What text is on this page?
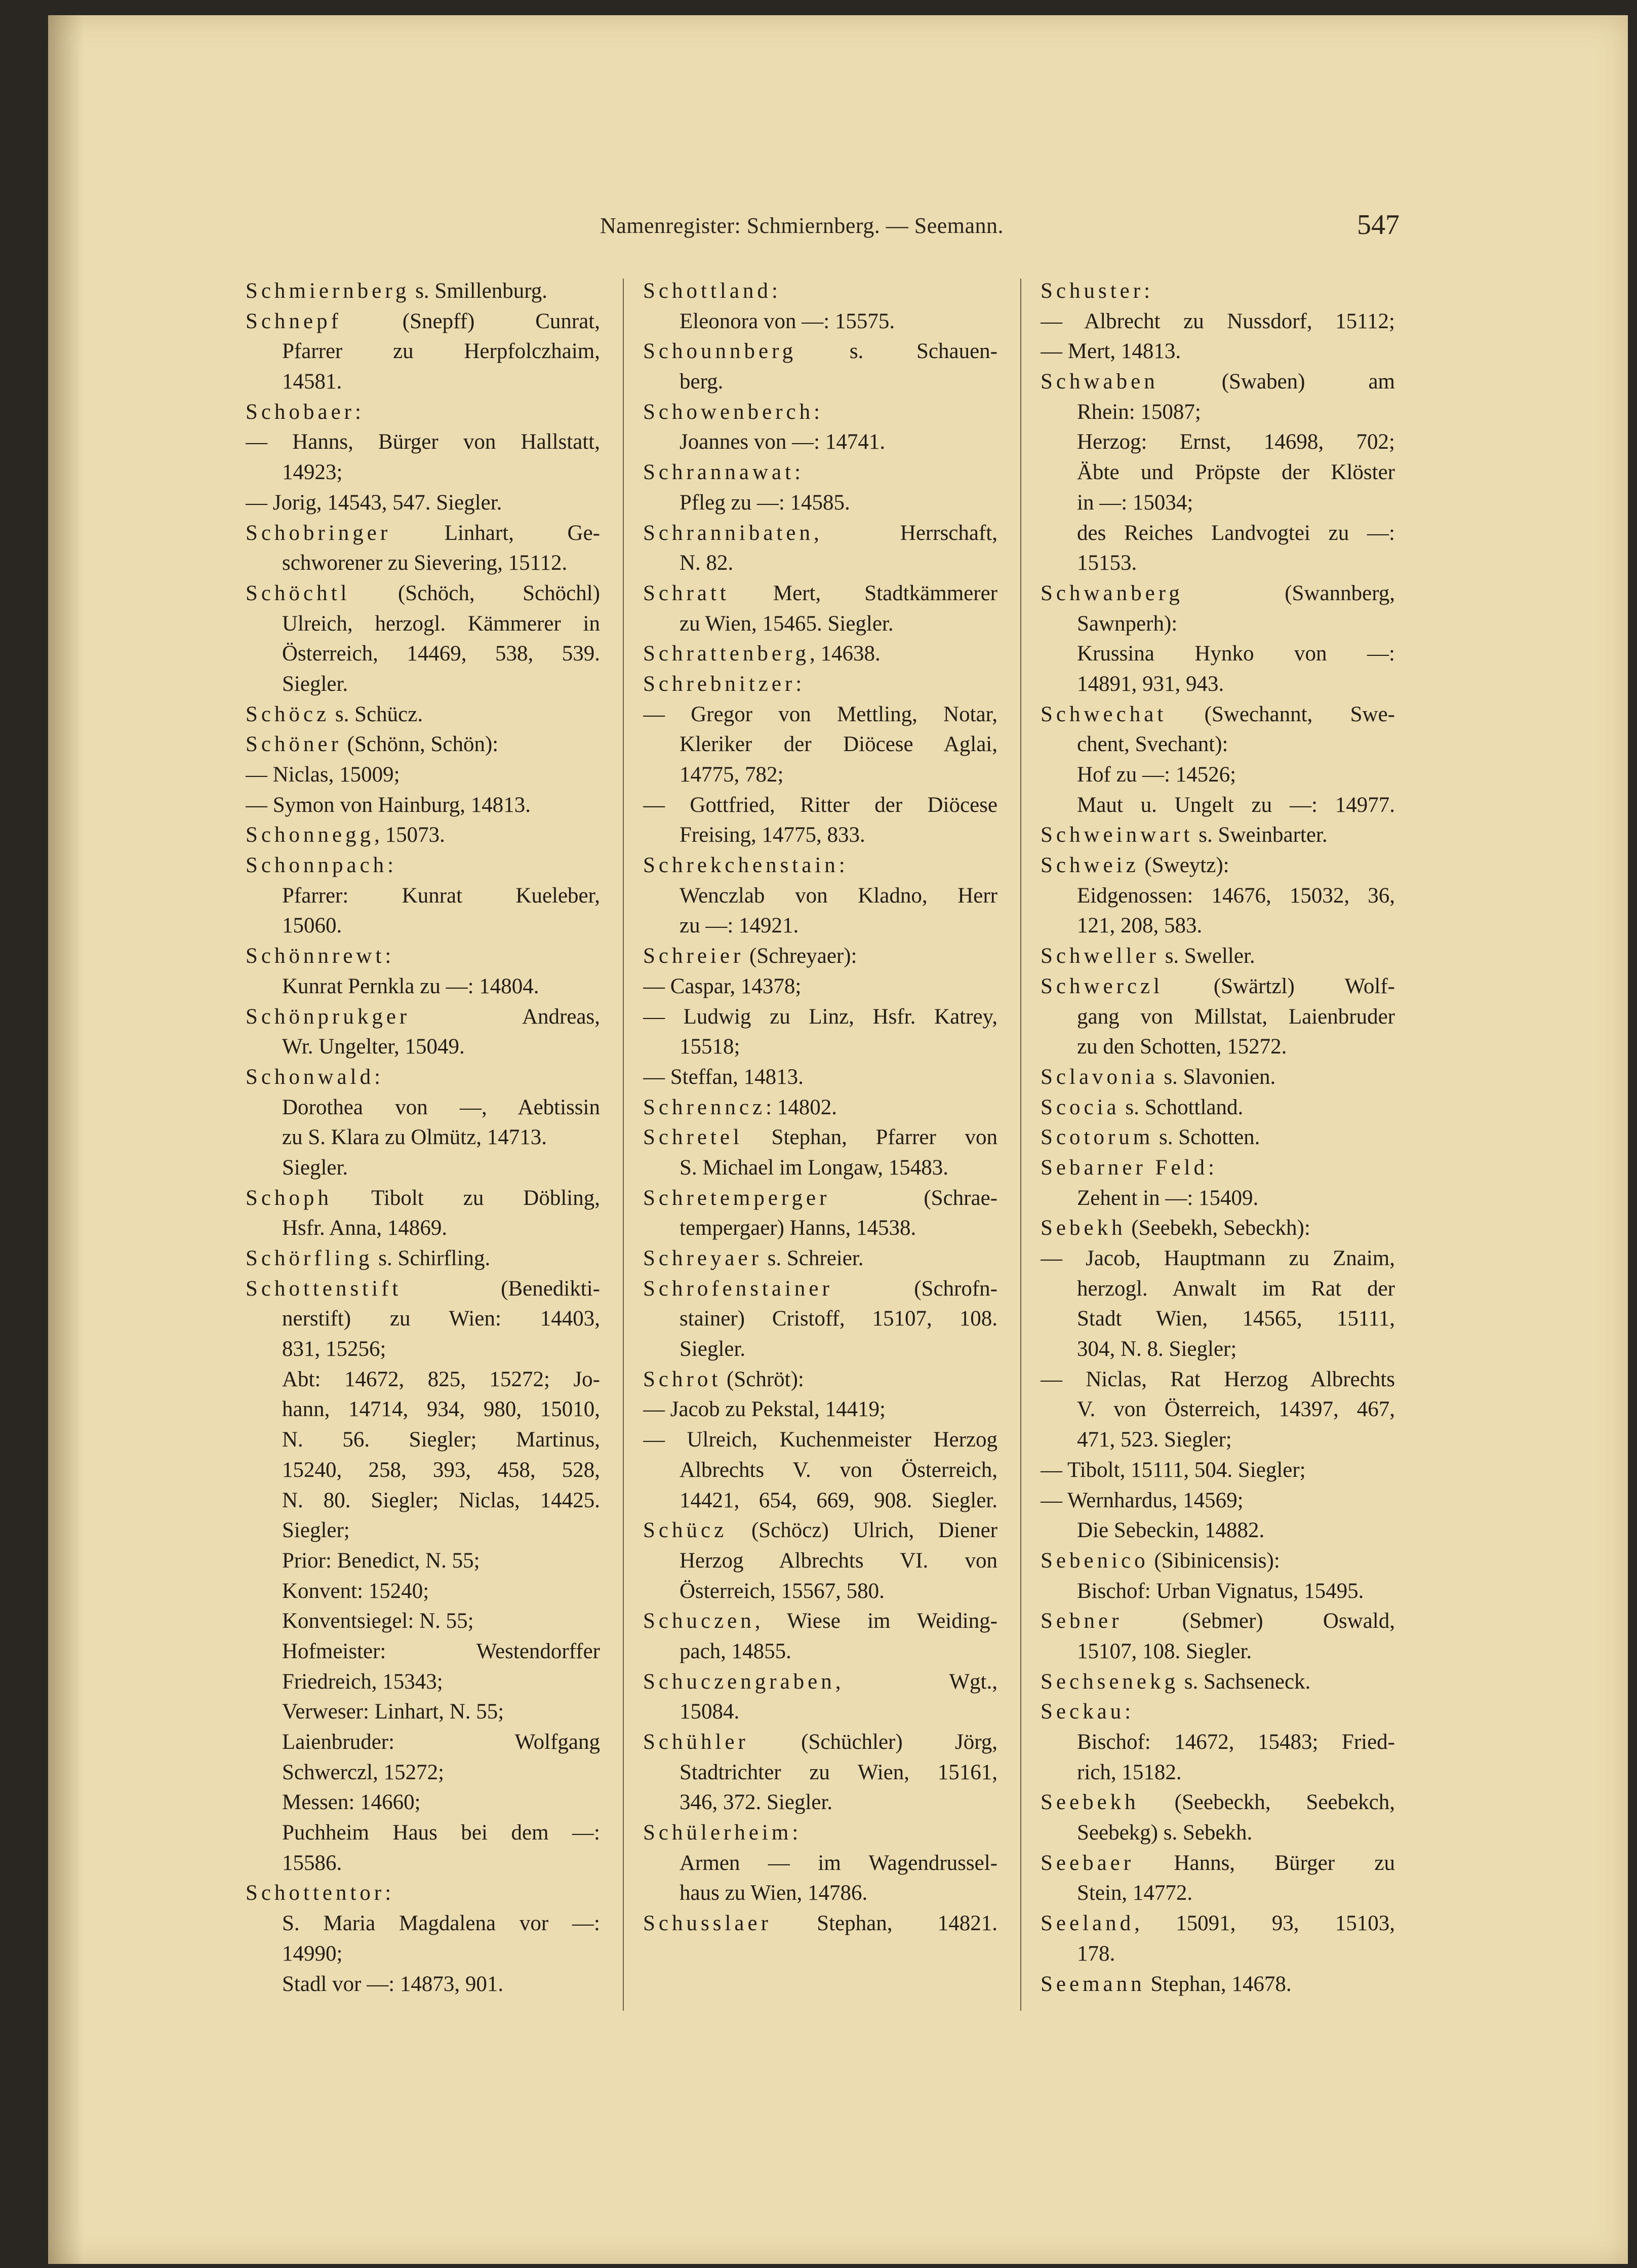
Namenregister: Schmiernberg. — Seemann.	547
Schmiernberg s. Smillenburg.
Schnepf (Snepff) Cunrat,
Pfarrer zu Herpfolczhaim,
14581.
Schobaer:
— Hanns, Bürger von Hallstatt,
14923;
— Jorig, 14543, 547. Siegler.
Schobringer Linhart, Ge-
schworener zu Sievering, 15112.
Schöchtl (Schöch, Schöchl)
Ulreich, herzogl. Kämmerer in
Österreich, 14469, 538, 539.
Siegler.
Schöcz s. Schücz.
Schöner (Schönn, Schön):
— Niclas, 15009;
— Symon von Hainburg, 14813.
Schonnegg, 15073.
Schonnpach:
Pfarrer: Kunrat Kueleber,
15060.
Schönnrewt:
Kunrat Pernkla zu —: 14804.
Schönprukger Andreas,
Wr. Ungelter, 15049.
Schonwald:
Dorothea von —, Aebtissin
zu S. Klara zu Olmütz, 14713.
Siegler.
Schoph Tibolt zu Döbling,
Hsfr. Anna, 14869.
Schörfling s. Schirfling.
Schottenstift (Benedikti-
nerstift) zu Wien: 14403,
831, 15256;
Abt: 14672, 825, 15272; Jo-
hann, 14714, 934, 980, 15010,
N. 56. Siegler; Martinus,
15240, 258, 393, 458, 528,
N. 80. Siegler; Niclas, 14425.
Siegler;
Prior: Benedict, N. 55;
Konvent: 15240;
Konventsiegel: N. 55;
Hofmeister: Westendorffer
Friedreich, 15343;
Verweser: Linhart, N. 55;
Laienbruder: Wolfgang
Schwerczl, 15272;
Messen: 14660;
Puchheim Haus bei dem —:
15586.
Schottentor:
S. Maria Magdalena vor —:
14990;
Stadl vor —: 14873, 901.
Schottland:
Eleonora von —: 15575.
Schounnberg s. Schauen-
berg.
Schowenberch:
Joannes von —: 14741.
Schrannawat:
Pfleg zu —: 14585.
Schrannibaten, Herrschaft,
N. 82.
Schratt Mert, Stadtkämmerer
zu Wien, 15465. Siegler.
Schrattenberg, 14638.
Schrebnitzer:
— Gregor von Mettling, Notar,
Kleriker der Diöcese Aglai,
14775, 782;
— Gottfried, Ritter der Diöcese
Freising, 14775, 833.
Schrekchenstain:
Wenczlab von Kladno, Herr
zu —: 14921.
Schreier (Schreyaer):
— Caspar, 14378;
— Ludwig zu Linz, Hsfr. Katrey,
15518;
— Steffan, 14813.
Schrenncz: 14802.
Schretel Stephan, Pfarrer von
S. Michael im Longaw, 15483.
Schretemperger (Schrae-
tempergaer) Hanns, 14538.
Schreyaer s. Schreier.
Schrofenstainer (Schrofn-
stainer) Cristoff, 15107, 108.
Siegler.
Schrot (Schröt):
— Jacob zu Pekstal, 14419;
— Ulreich, Kuchenmeister Herzog
Albrechts V. von Österreich,
14421, 654, 669, 908. Siegler.
Schücz (Schöcz) Ulrich, Diener
Herzog Albrechts VI. von
Österreich, 15567, 580.
Schuczen, Wiese im Weiding-
pach, 14855.
Schuczengraben, Wgt.,
15084.
Schühler (Schüchler) Jörg,
Stadtrichter zu Wien, 15161,
346, 372. Siegler.
Schülerheim:
Armen — im Wagendrussel-
haus zu Wien, 14786.
Schusslaer Stephan, 14821.
Schuster:
— Albrecht zu Nussdorf, 15112;
— Mert, 14813.
Schwaben (Swaben) am
Rhein: 15087;
Herzog: Ernst, 14698, 702;
Äbte und Pröpste der Klöster
in —: 15034;
des Reiches Landvogtei zu —:
15153.
Schwanberg (Swannberg,
Sawnperh):
Krussina Hynko von —:
14891, 931, 943.
Schwechat (Swechannt, Swe-
chent, Svechant):
Hof zu —: 14526;
Maut u. Ungelt zu —: 14977.
Schweinwart s. Sweinbarter.
Schweiz (Sweytz):
Eidgenossen: 14676, 15032, 36,
121, 208, 583.
Schweller s. Sweller.
Schwerczl (Swärtzl) Wolf-
gang von Millstat, Laienbruder
zu den Schotten, 15272.
Sclavonia s. Slavonien.
Scocia s. Schottland.
Scotorum s. Schotten.
Sebarner Feld:
Zehent in —: 15409.
Sebekh (Seebekh, Sebeckh):
— Jacob, Hauptmann zu Znaim,
herzogl. Anwalt im Rat der
Stadt Wien, 14565, 15111,
304, N. 8. Siegler;
— Niclas, Rat Herzog Albrechts
V. von Österreich, 14397, 467,
471, 523. Siegler;
— Tibolt, 15111, 504. Siegler;
— Wernhardus, 14569;
Die Sebeckin, 14882.
Sebenico (Sibinicensis):
Bischof: Urban Vignatus, 15495.
Sebner (Sebmer) Oswald,
15107, 108. Siegler.
Sechsenekg s. Sachseneck.
Seckau:
Bischof: 14672, 15483; Fried-
rich, 15182.
Seebekh (Seebeckh, Seebekch,
Seebekg) s. Sebekh.
Seebaer Hanns, Bürger zu
Stein, 14772.
Seeland, 15091, 93, 15103,
178.
Seemann Stephan, 14678.
